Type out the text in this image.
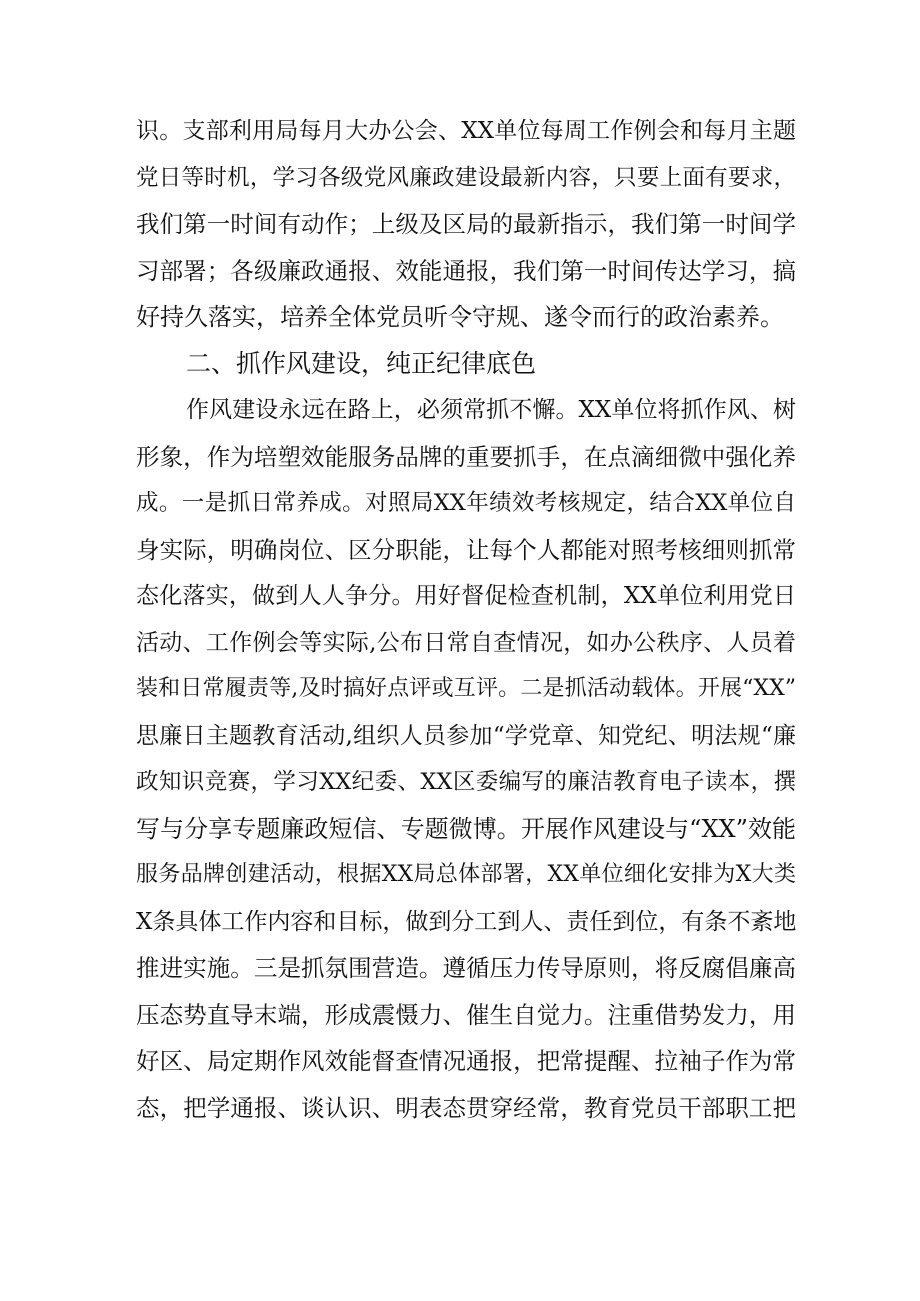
识。支部利用局每月大办公会、XX单位每周工作例会和每月主题
党日等时机，学习各级党风廉政建设最新内容，只要上面有要求，
我们第一时间有动作；上级及区局的最新指示，我们第一时间学
习部署；各级廉政通报、效能通报，我们第一时间传达学习，搞
好持久落实，培养全体党员听令守规、遂令而行的政治素养。
二、抓作风建设，纯正纪律底色
作风建设永远在路上，必须常抓不懈。XX单位将抓作风、树
形象，作为培塑效能服务品牌的重要抓手，在点滴细微中强化养
成。一是抓日常养成。对照局XX年绩效考核规定，结合XX单位自
身实际，明确岗位、区分职能，让每个人都能对照考核细则抓常
态化落实，做到人人争分。用好督促检查机制，XX单位利用党日
活动、工作例会等实际,公布日常自查情况，如办公秩序、人员着
装和日常履责等,及时搞好点评或互评。二是抓活动载体。开展“XX”
思廉日主题教育活动,组织人员参加“学党章、知党纪、明法规“廉
政知识竞赛，学习XX纪委、XX区委编写的廉洁教育电子读本，撰
写与分享专题廉政短信、专题微博。开展作风建设与“XX”效能
服务品牌创建活动，根据XX局总体部署，XX单位细化安排为X大类
X条具体工作内容和目标，做到分工到人、责任到位，有条不紊地
推进实施。三是抓氛围营造。遵循压力传导原则，将反腐倡廉高
压态势直导末端，形成震慑力、催生自觉力。注重借势发力，用
好区、局定期作风效能督查情况通报，把常提醒、拉袖子作为常
态，把学通报、谈认识、明表态贯穿经常，教育党员干部职工把
